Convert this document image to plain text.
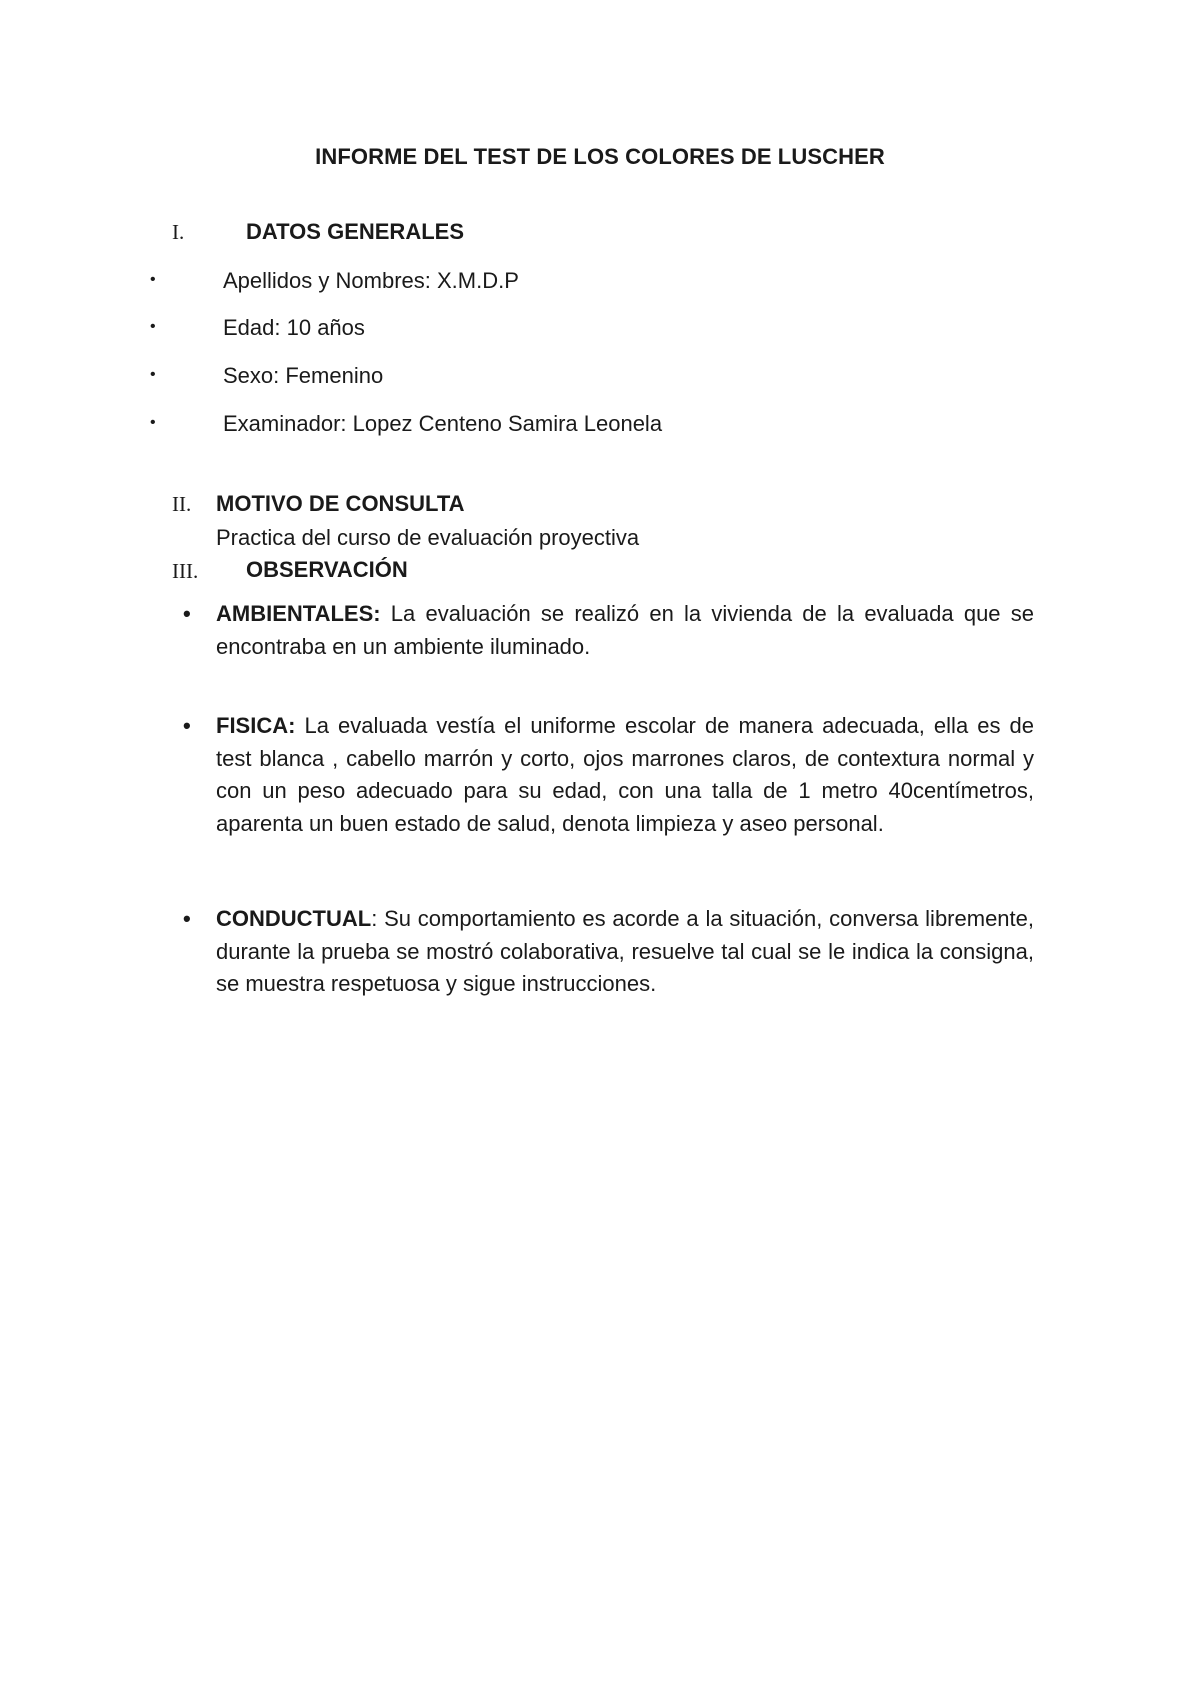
INFORME DEL TEST DE LOS COLORES DE LUSCHER
I.	DATOS GENERALES
•	Apellidos y Nombres: X.M.D.P
•	Edad: 10 años
•	Sexo: Femenino
•	Examinador: Lopez Centeno Samira Leonela
II. MOTIVO DE CONSULTA
Practica del curso de evaluación proyectiva
III. OBSERVACIÓN
• AMBIENTALES: La evaluación se realizó en la vivienda de la evaluada que se encontraba en un ambiente iluminado.

• FISICA: La evaluada vestía el uniforme escolar de manera adecuada, ella es de test blanca , cabello marrón y corto, ojos marrones claros, de contextura normal y con un peso adecuado para su edad, con una talla de 1 metro 40centímetros, aparenta un buen estado de salud, denota limpieza y aseo personal.

• CONDUCTUAL: Su comportamiento es acorde a la situación, conversa libremente, durante la prueba se mostró colaborativa, resuelve tal cual se le indica la consigna, se muestra respetuosa y sigue instrucciones.
